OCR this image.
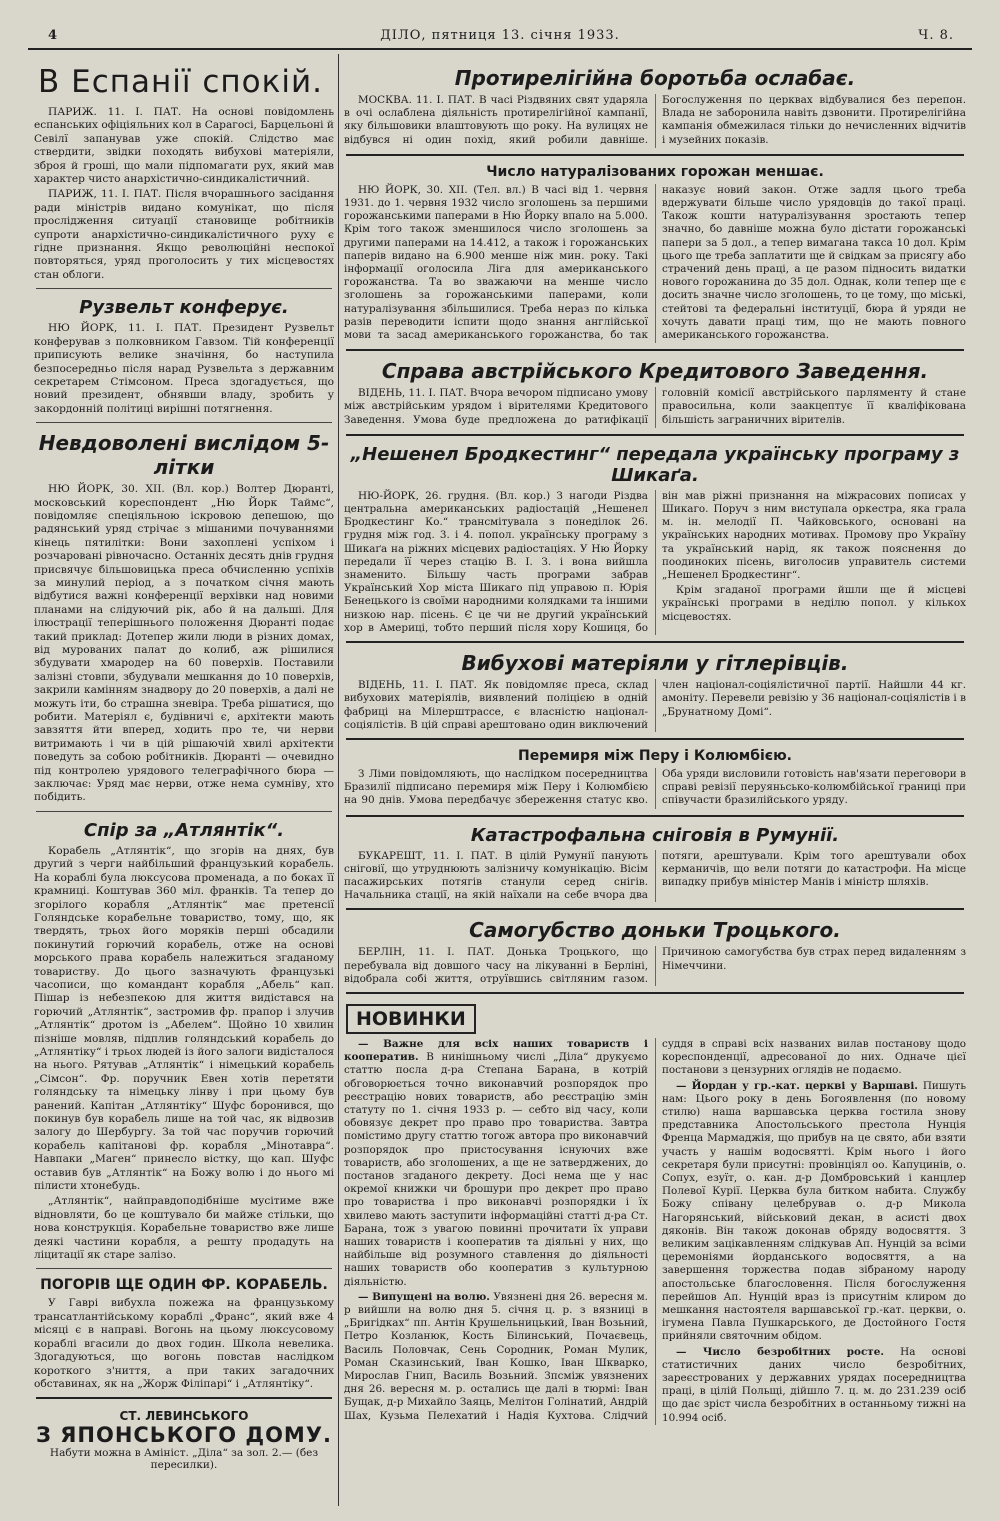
4	ДІЛО, пятниця 13. січня 1933.	Ч. 8.
В Еспанії спокій.

ПАРИЖ. 11. І. ПАТ. На основі повідомлень еспанських офіціяльних кол в Сарагосі, Барцельоні й Севілї запанував уже спокій. Слідство має ствердити, звідки походять вибухові матеріяли, зброя й гроші, що мали підпомагати рух, який мав характер чисто анархістично-синдикалістичний.

ПАРИЖ, 11. І. ПАТ. Після вчорашнього засідання ради міністрів видано комунікат, що після прослідження ситуації становище робітників супроти анархістично-синдикалістичного руху є гідне признання. Якщо революційні неспокої повторяться, уряд проголосить у тих місцевостях стан облоги.

Рузвельт конферує.

НЮ ЙОРК, 11. І. ПАТ. Президент Рузвельт конферував з полковником Гавзом. Тій конференції приписують велике значіння, бо наступила безпосередньо після нарад Рузвельта з державним секретарем Стімсоном. Преса здогадується, що новий президент, обнявши владу, зробить у закордонній політиці вирішні потягнення.

Невдоволені вислідом 5-літки

НЮ ЙОРК, 30. XII. (Вл. кор.) Волтер Дюранті, московський кореспондент „Ню Йорк Таймс“, повідомляє спеціяльною іскровою депешою, що радянський уряд стрічає з мішаними почуваннями кінець пятилітки: Вони захоплені успіхом і розчаровані рівночасно. Останніх десять днів грудня присвячує більшовицька преса обчисленню успіхів за минулий період, а з початком січня мають відбутися важні конференції верхівки над новими планами на слідуючий рік, або й на дальші. Для ілюстрації теперішнього положення Дюранті подає такий приклад: Дотепер жили люди в різних домах, від мурованих палат до колиб, аж рішилися збудувати хмародер на 60 поверхів. Поставили залізні стовпи, збудували мешкання до 10 поверхів, закрили камінням знадвору до 20 поверхів, а далі не можуть іти, бо страшна зневіра. Треба рішатися, що робити. Матеріял є, будівничі є, архітекти мають завзяття йти вперед, ходить про те, чи нерви витримають і чи в цій рішаючій хвилі архітекти поведуть за собою робітників. Дюранті — очевидно під контролею урядового телеграфічного бюра — заключає: Уряд має нерви, отже нема сумніву, хто побідить.

Спір за „Атлянтік“.

Корабель „Атлянтік“, що згорів на днях, був другий з черги найбільший французький корабель. На кораблі була люксусова променада, а по боках її крамниці. Коштував 360 міл. франків. Та тепер до згорілого корабля „Атлянтік“ має претенсії Голяндське корабельне товариство, тому, що, як твердять, трьох його моряків перші обсадили покинутий горючий корабель, отже на основі морського права корабель належиться згаданому товариству. До цього зазначують французькі часописи, що командант корабля „Абель“ кап. Пішар із небезпекою для життя видістався на горючий „Атлянтік“, застромив фр. прапор і злучив „Атлянтік“ дротом із „Абелем“. Щойно 10 хвилин пізніше мовляв, підплив голяндський корабель до „Атлянтіку“ і трьох людей із його залоги видісталося на нього. Рятував „Атлянтік“ і німецький корабель „Сімсон“. Фр. поручник Евен хотів перетяти голяндську та німецьку лінву і при цьому був ранений. Капітан „Атлянтіку“ Шуфс боронився, що покинув був корабель лише на той час, як відвозив залогу до Шербургу. За той час поручив горючий корабель капітанові фр. корабля „Мінотавра“. Навпаки „Маген“ принесло вістку, що кап. Шуфс оставив був „Атлянтік“ на Божу волю і до нього мі пілисти хтонебудь.

„Атлянтік“, найправдоподібніше мусітиме вже відновляти, бо це коштувало би майже стільки, що нова конструкція. Корабельне товариство вже лише деякі частини корабля, а решту продадуть на ліцитації як старе залізо.

ПОГОРІВ ЩЕ ОДИН ФР. КОРАБЕЛЬ.

У Гаврі вибухла пожежа на французькому трансатлантійському кораблі „Франс“, який вже 4 місяці є в направі. Вогонь на цьому люксусовому кораблі вгасили до двох годин. Школа невелика. Здогадуються, що вогонь повстав наслідком короткого з'ниття, а при таких загадочних обставинах, як на „Жорж Філіпарі“ і „Атлянтіку“.

СТ. ЛЕВИНСЬКОГО
З ЯПОНСЬКОГО ДОМУ.
Набути можна в Амініст. „Діла“ за зол. 2.— (без пересилки).
Протирелігійна боротьба ослабає.

МОСКВА. 11. І. ПАТ. В часі Різдвяних свят ударяла в очі ослаблена діяльність протирелігійної кампанії, яку більшовики влаштовують що року. На вулицях не відбувся ні один похід, який робили давніше. Богослуження по церквах відбувалися без перепон. Влада не заборонила навіть дзвонити. Протирелігійна кампанія обмежилася тільки до нечисленних відчитів і музейних показів.

Число натуралізованих горожан меншає.

НЮ ЙОРК, 30. XII. (Тел. вл.) В часі від 1. червня 1931. до 1. червня 1932 число зголошень за першими горожанськими паперами в Ню Йорку впало на 5.000. Крім того також зменшилося число зголошень за другими паперами на 14.412, а також і горожанських паперів видано на 6.900 менше ніж мин. року. Такі інформації оголосила Ліга для американського горожанства. Та во зважаючи на менше число зголошень за горожанськими паперами, коли натуралізування збільшилися. Треба нераз по кілька разів переводити іспити щодо знання англійської мови та засад американського горожанства, бо так наказує новий закон. Отже задля цього треба вдержувати більше число урядовців до такої праці. Також кошти натуралізування зростають тепер значно, бо давніше можна було дістати горожанські папери за 5 дол., а тепер вимагана такса 10 дол. Крім цього ще треба заплатити ще й свідкам за присягу або страчений день праці, а це разом підносить видатки нового горожанина до 35 дол. Однак, коли тепер ще є досить значне число зголошень, то це тому, що міські, стейтові та федеральні інституції, бюра й уряди не хочуть давати праці тим, що не мають повного американського горожанства.

Справа австрійського Кредитового Заведення.

ВІДЕНЬ, 11. І. ПАТ. Вчора вечором підписано умову між австрійським урядом і вірителями Кредитового Заведення. Умова буде предложена до ратифікації головній комісії австрійського парляменту й стане правосильна, коли заакцептує її кваліфікована більшість заграничних вірителів.

„Нешенел Бродкестинг“ передала українську програму з Шикаґа.

НЮ-ЙОРК, 26. грудня. (Вл. кор.) З нагоди Різдва центральна американських радіостацій „Нешенел Бродкестинг Ко.“ трансмітувала з понеділок 26. грудня між год. 3. і 4. попол. українську програму з Шикаґа на ріжних місцевих радіостаціях. У Ню Йорку передали її через стацію В. І. З. і вона вийшла знаменито. Більшу часть програми забрав Український Хор міста Шикаго під управою п. Юрія Бенецького із своїми народними колядками та іншими низкою нар. пісень. Є це чи не другий український хор в Америці, тобто перший після хору Кошиця, бо він мав ріжні признання на міжрасових пописах у Шикаго. Поруч з ним виступала оркестра, яка грала м. ін. мелодії П. Чайковського, основані на українських народних мотивах. Промову про Україну та український нарід, як також пояснення до поодиноких пісень, виголосив управитель системи „Нешенел Бродкестинг“.

Крім згаданої програми йшли ще й місцеві українські програми в неділю попол. у кількох місцевостях.

Вибухові матеріяли у гітлерівців.

ВІДЕНЬ, 11. І. ПАТ. Як повідомляє преса, склад вибухових матеріялів, виявлений поліцією в одній фабриці на Мілерштрассе, є власністю націонал-соціялістів. В цій справі арештовано один виключений член націонал-соціялістичної партії. Найшли 44 кг. амоніту. Перевели ревізію у 36 націонал-соціялістів і в „Брунатному Домі“.

Перемиря між Перу і Колюмбією.

З Ліми повідомляють, що наслідком посередництва Бразилії підписано перемиря між Перу і Колюмбією на 90 днів. Умова передбачує збереження статус кво. Оба уряди висловили готовість нав'язати переговори в справі ревізії перуяньсько-колюмбійської границі при співучасти бразилійського уряду.

Катастрофальна сніговія в Румунії.

БУКАРЕШТ, 11. І. ПАТ. В цілій Румунії панують сніговії, що утруднюють залізничу комунікацію. Вісім пасажирських потягів станули серед снігів. Начальника стації, на якій наїхали на себе вчора два потяги, арештували. Крім того арештували обох керманичів, що вели потяги до катастрофи. На місце випадку прибув міністер Манів і міністр шляхів.

Самогубство доньки Троцького.

БЕРЛІН, 11. І. ПАТ. Донька Троцького, що перебувала від довшого часу на лікуванні в Берліні, відобрала собі життя, отруївшись світляним газом. Причиною самогубства був страх перед видаленням з Німеччини.

НОВИНКИ

— Важне для всіх наших товариств і кооператив. В нинішньому числі „Діла“ друкуємо статтю посла д-ра Степана Барана, в котрій обговорюється точно виконавчий розпорядок про реєстрацію нових товариств, або реєстрацію змін статуту по 1. січня 1933 р. — себто від часу, коли обовязує декрет про право про товариства. Завтра помістимо другу статтю тогож автора про виконавчий розпорядок про пристосування існуючих вже товариств, або зголошених, а ще не затверджених, до постанов згаданого декрету. Досі нема ще у нас окремої книжки чи брошури про декрет про право про товариства і про виконавчі розпорядки і їх хвилево мають заступити інформаційні статті д-ра Ст. Барана, тож з увагою повинні прочитати їх управи наших товариств і кооператив та діяльні у них, що найбільше від розумного ставлення до діяльності наших товариств обо кооператив з культурною діяльністю.

— Випущені на волю. Увязнені дня 26. вересня м. р вийшли на волю дня 5. січня ц. р. з вязниці в „Бригідках“ пп. Антін Крушельницький, Іван Возьний, Петро Козланюк, Кость Білинський, Почаєвець, Василь Половчак, Сень Сородник, Роман Мулик, Роман Сказинський, Іван Кошко, Іван Шкварко, Мирослав Гнип, Василь Возьний. Зпсміж увязнених дня 26. вересня м. р. остались ще далі в тюрмі: Іван Бущак, д-р Михайло Заяць, Мелітон Голінатий, Андрій Шах, Кузьма Пелехатий і Надія Кухтова. Слідчий суддя в справі всіх названих вилав постанову щодо кореспонденції, адресованої до них. Одначе цієї постанови з цензурних оглядів не подаємо.

— Йордан у гр.-кат. церкві у Варшаві. Пишуть нам: Цього року в день Богоявлення (по новому стилю) наша варшавська церква гостила знову представника Апостольського престола Нунція Френца Мармаджія, що прибув на це свято, аби взяти участь у нашім водосвятті. Крім нього і його секретаря були присутні: провінціял оо. Капуцинів, о. Сопух, езуїт, о. кан. д-р Домбровський і канцлер Полевої Курії. Церква була битком набита. Службу Божу співану целебрував о. д-р Микола Нагорянський, військовий декан, в асисті двох дяконів. Він також доконав обряду водосвяття. З великим зацікавленням слідкував Ап. Нунцій за всіми церемоніями йорданського водосвяття, а на завершення торжества подав зібраному народу апостольське благословення. Після богослуження перейшов Ап. Нунцій враз із присутнім клиром до мешкання настоятеля варшавської гр.-кат. церкви, о. ігумена Павла Пушкарського, де Достойного Гостя прийняли святочним обідом.

— Число безробітних росте. На основі статистичних даних число безробітних, зареєстрованих у державних урядах посередництва праці, в цілій Польщі, дійшло 7. ц. м. до 231.239 осіб що дає зріст числа безробітних в останньому тижні на 10.994 осіб.
